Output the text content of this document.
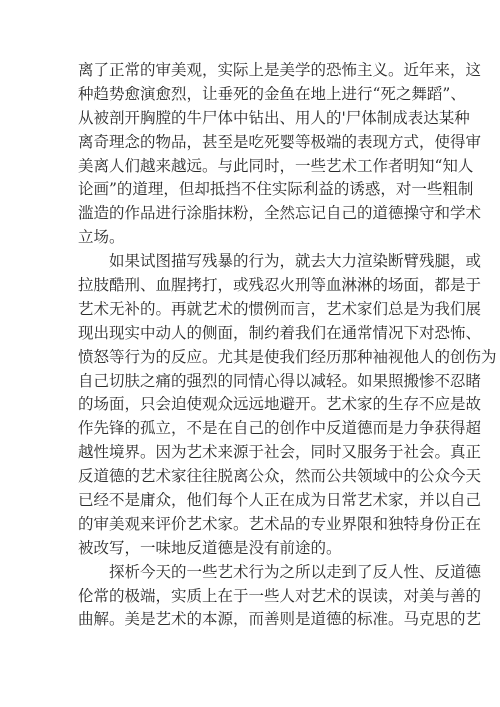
离了正常的审美观，实际上是美学的恐怖主义。近年来，这
种趋势愈演愈烈，让垂死的金鱼在地上进行“死之舞蹈”、
从被剖开胸膛的牛尸体中钻出、用人的'尸体制成表达某种
离奇理念的物品，甚至是吃死婴等极端的表现方式，使得审
美离人们越来越远。与此同时，一些艺术工作者明知“知人
论画”的道理，但却抵挡不住实际利益的诱惑，对一些粗制
滥造的作品进行涂脂抹粉，全然忘记自己的道德操守和学术
立场。
如果试图描写残暴的行为，就去大力渲染断臂残腿，或
拉肢酷刑、血腥拷打，或残忍火刑等血淋淋的场面，都是于
艺术无补的。再就艺术的惯例而言，艺术家们总是为我们展
现出现实中动人的侧面，制约着我们在通常情况下对恐怖、
愤怒等行为的反应。尤其是使我们经历那种袖视他人的创伤为
自己切肤之痛的强烈的同情心得以减轻。如果照搬惨不忍睹
的场面，只会迫使观众远远地避开。艺术家的生存不应是故
作先锋的孤立，不是在自己的创作中反道德而是力争获得超
越性境界。因为艺术来源于社会，同时又服务于社会。真正
反道德的艺术家往往脱离公众，然而公共领域中的公众今天
已经不是庸众，他们每个人正在成为日常艺术家，并以自己
的审美观来评价艺术家。艺术品的专业界限和独特身份正在
被改写，一味地反道德是没有前途的。
探析今天的一些艺术行为之所以走到了反人性、反道德
伦常的极端，实质上在于一些人对艺术的误读，对美与善的
曲解。美是艺术的本源，而善则是道德的标准。马克思的艺
